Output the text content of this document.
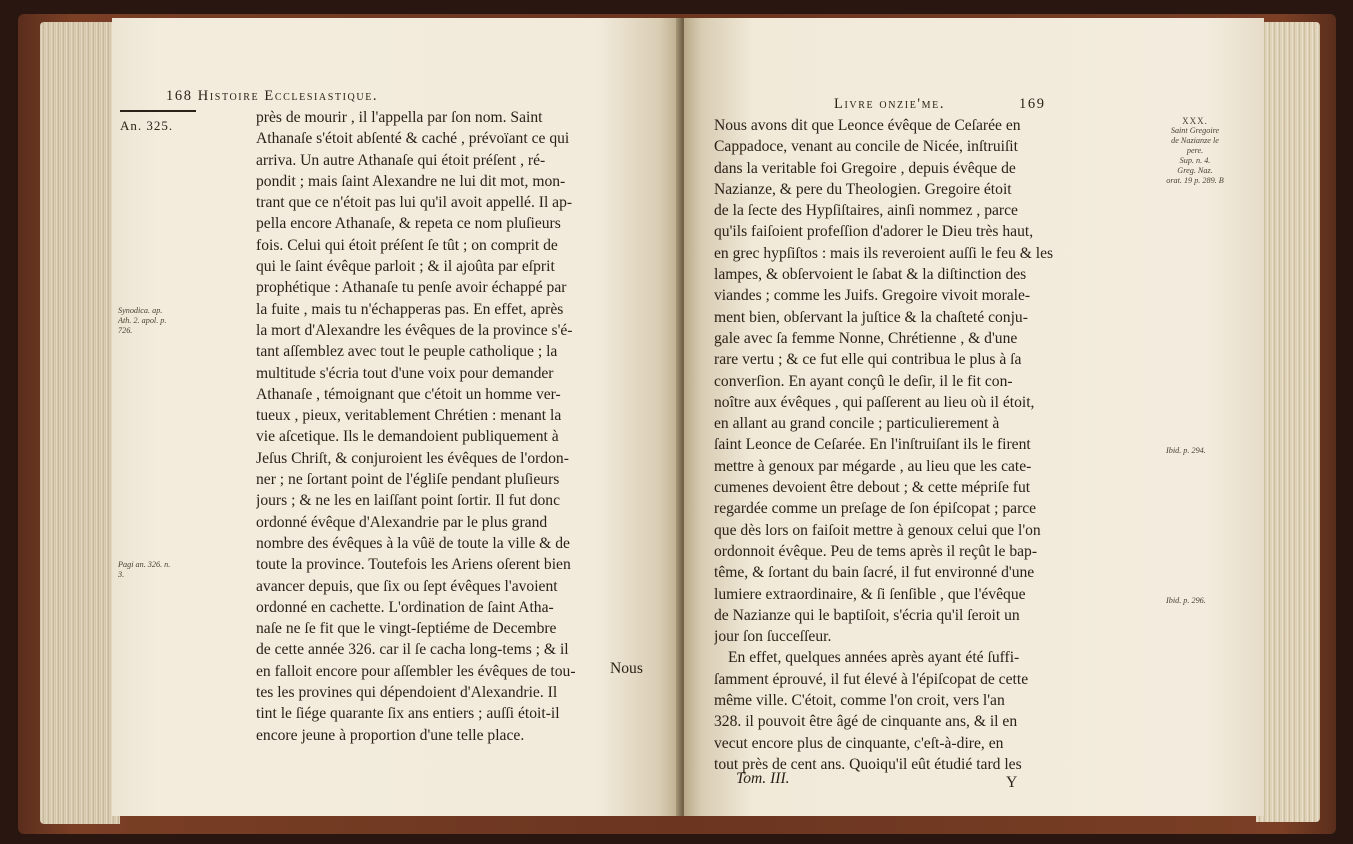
168 Histoire Ecclesiastique.
An. 325.
Synodica. ap.
Ath. 2. apol. p.
726.
Pagi an. 326. n.
3.
près de mourir , il l'appella par ſon nom. Saint
Athanaſe s'étoit abſenté & caché , prévoïant ce qui
arriva. Un autre Athanaſe qui étoit préſent , ré-
pondit ; mais ſaint Alexandre ne lui dit mot, mon-
trant que ce n'étoit pas lui qu'il avoit appellé. Il ap-
pella encore Athanaſe, & repeta ce nom pluſieurs
fois. Celui qui étoit préſent ſe tût ; on comprit de
qui le ſaint évêque parloit ; & il ajoûta par eſprit
prophétique : Athanaſe tu penſe avoir échappé par
la fuite , mais tu n'échapperas pas. En effet, après
la mort d'Alexandre les évêques de la province s'é-
tant aſſemblez avec tout le peuple catholique ; la
multitude s'écria tout d'une voix pour demander
Athanaſe , témoignant que c'étoit un homme ver-
tueux , pieux, veritablement Chrétien : menant la
vie aſcetique. Ils le demandoient publiquement à
Jeſus Chriſt, & conjuroient les évêques de l'ordon-
ner ; ne ſortant point de l'égliſe pendant pluſieurs
jours ; & ne les en laiſſant point ſortir. Il fut donc
ordonné évêque d'Alexandrie par le plus grand
nombre des évêques à la vûë de toute la ville & de
toute la province. Toutefois les Ariens oſerent bien
avancer depuis, que ſix ou ſept évêques l'avoient
ordonné en cachette. L'ordination de ſaint Atha-
naſe ne ſe fit que le vingt-ſeptiéme de Decembre
de cette année 326. car il ſe cacha long-tems ; & il
en falloit encore pour aſſembler les évêques de tou-
tes les provines qui dépendoient d'Alexandrie. Il
tint le ſiége quarante ſix ans entiers ; auſſi étoit-il
encore jeune à proportion d'une telle place.
Nous
Livre onzie'me.	169
Nous avons dit que Leonce évêque de Ceſarée en
Cappadoce, venant au concile de Nicée, inſtruiſit
dans la veritable foi Gregoire , depuis évêque de
Nazianze, & pere du Theologien. Gregoire étoit
de la ſecte des Hypſiſtaires, ainſi nommez , parce
qu'ils faiſoient profeſſion d'adorer le Dieu très haut,
en grec hypſiſtos : mais ils reveroient auſſi le feu & les
lampes, & obſervoient le ſabat & la diſtinction des
viandes ; comme les Juifs. Gregoire vivoit morale-
ment bien, obſervant la juſtice & la chaſteté conju-
gale avec ſa femme Nonne, Chrétienne , & d'une
rare vertu ; & ce fut elle qui contribua le plus à ſa
converſion. En ayant conçû le deſir, il le fit con-
noître aux évêques , qui paſſerent au lieu où il étoit,
en allant au grand concile ; particulierement à
ſaint Leonce de Ceſarée. En l'inſtruiſant ils le firent
mettre à genoux par mégarde , au lieu que les cate-
cumenes devoient être debout ; & cette mépriſe fut
regardée comme un preſage de ſon épiſcopat ; parce
que dès lors on faiſoit mettre à genoux celui que l'on
ordonnoit évêque. Peu de tems après il reçût le bap-
tême, & ſortant du bain ſacré, il fut environné d'une
lumiere extraordinaire, & ſi ſenſible , que l'évêque
de Nazianze qui le baptiſoit, s'écria qu'il ſeroit un
jour ſon ſucceſſeur.
En effet, quelques années après ayant été ſuffi-
ſamment éprouvé, il fut élevé à l'épiſcopat de cette
même ville. C'étoit, comme l'on croit, vers l'an
328. il pouvoit être âgé de cinquante ans, & il en
vecut encore plus de cinquante, c'eſt-à-dire, en
tout près de cent ans. Quoiqu'il eût étudié tard les
XXX.
Saint Gregoire
de Nazianze le
pere.
Sup. n. 4.
Greg. Naz.
orat. 19 p. 289. B
Ibid. p. 294.
Ibid. p. 296.
Tom. III.	Y
